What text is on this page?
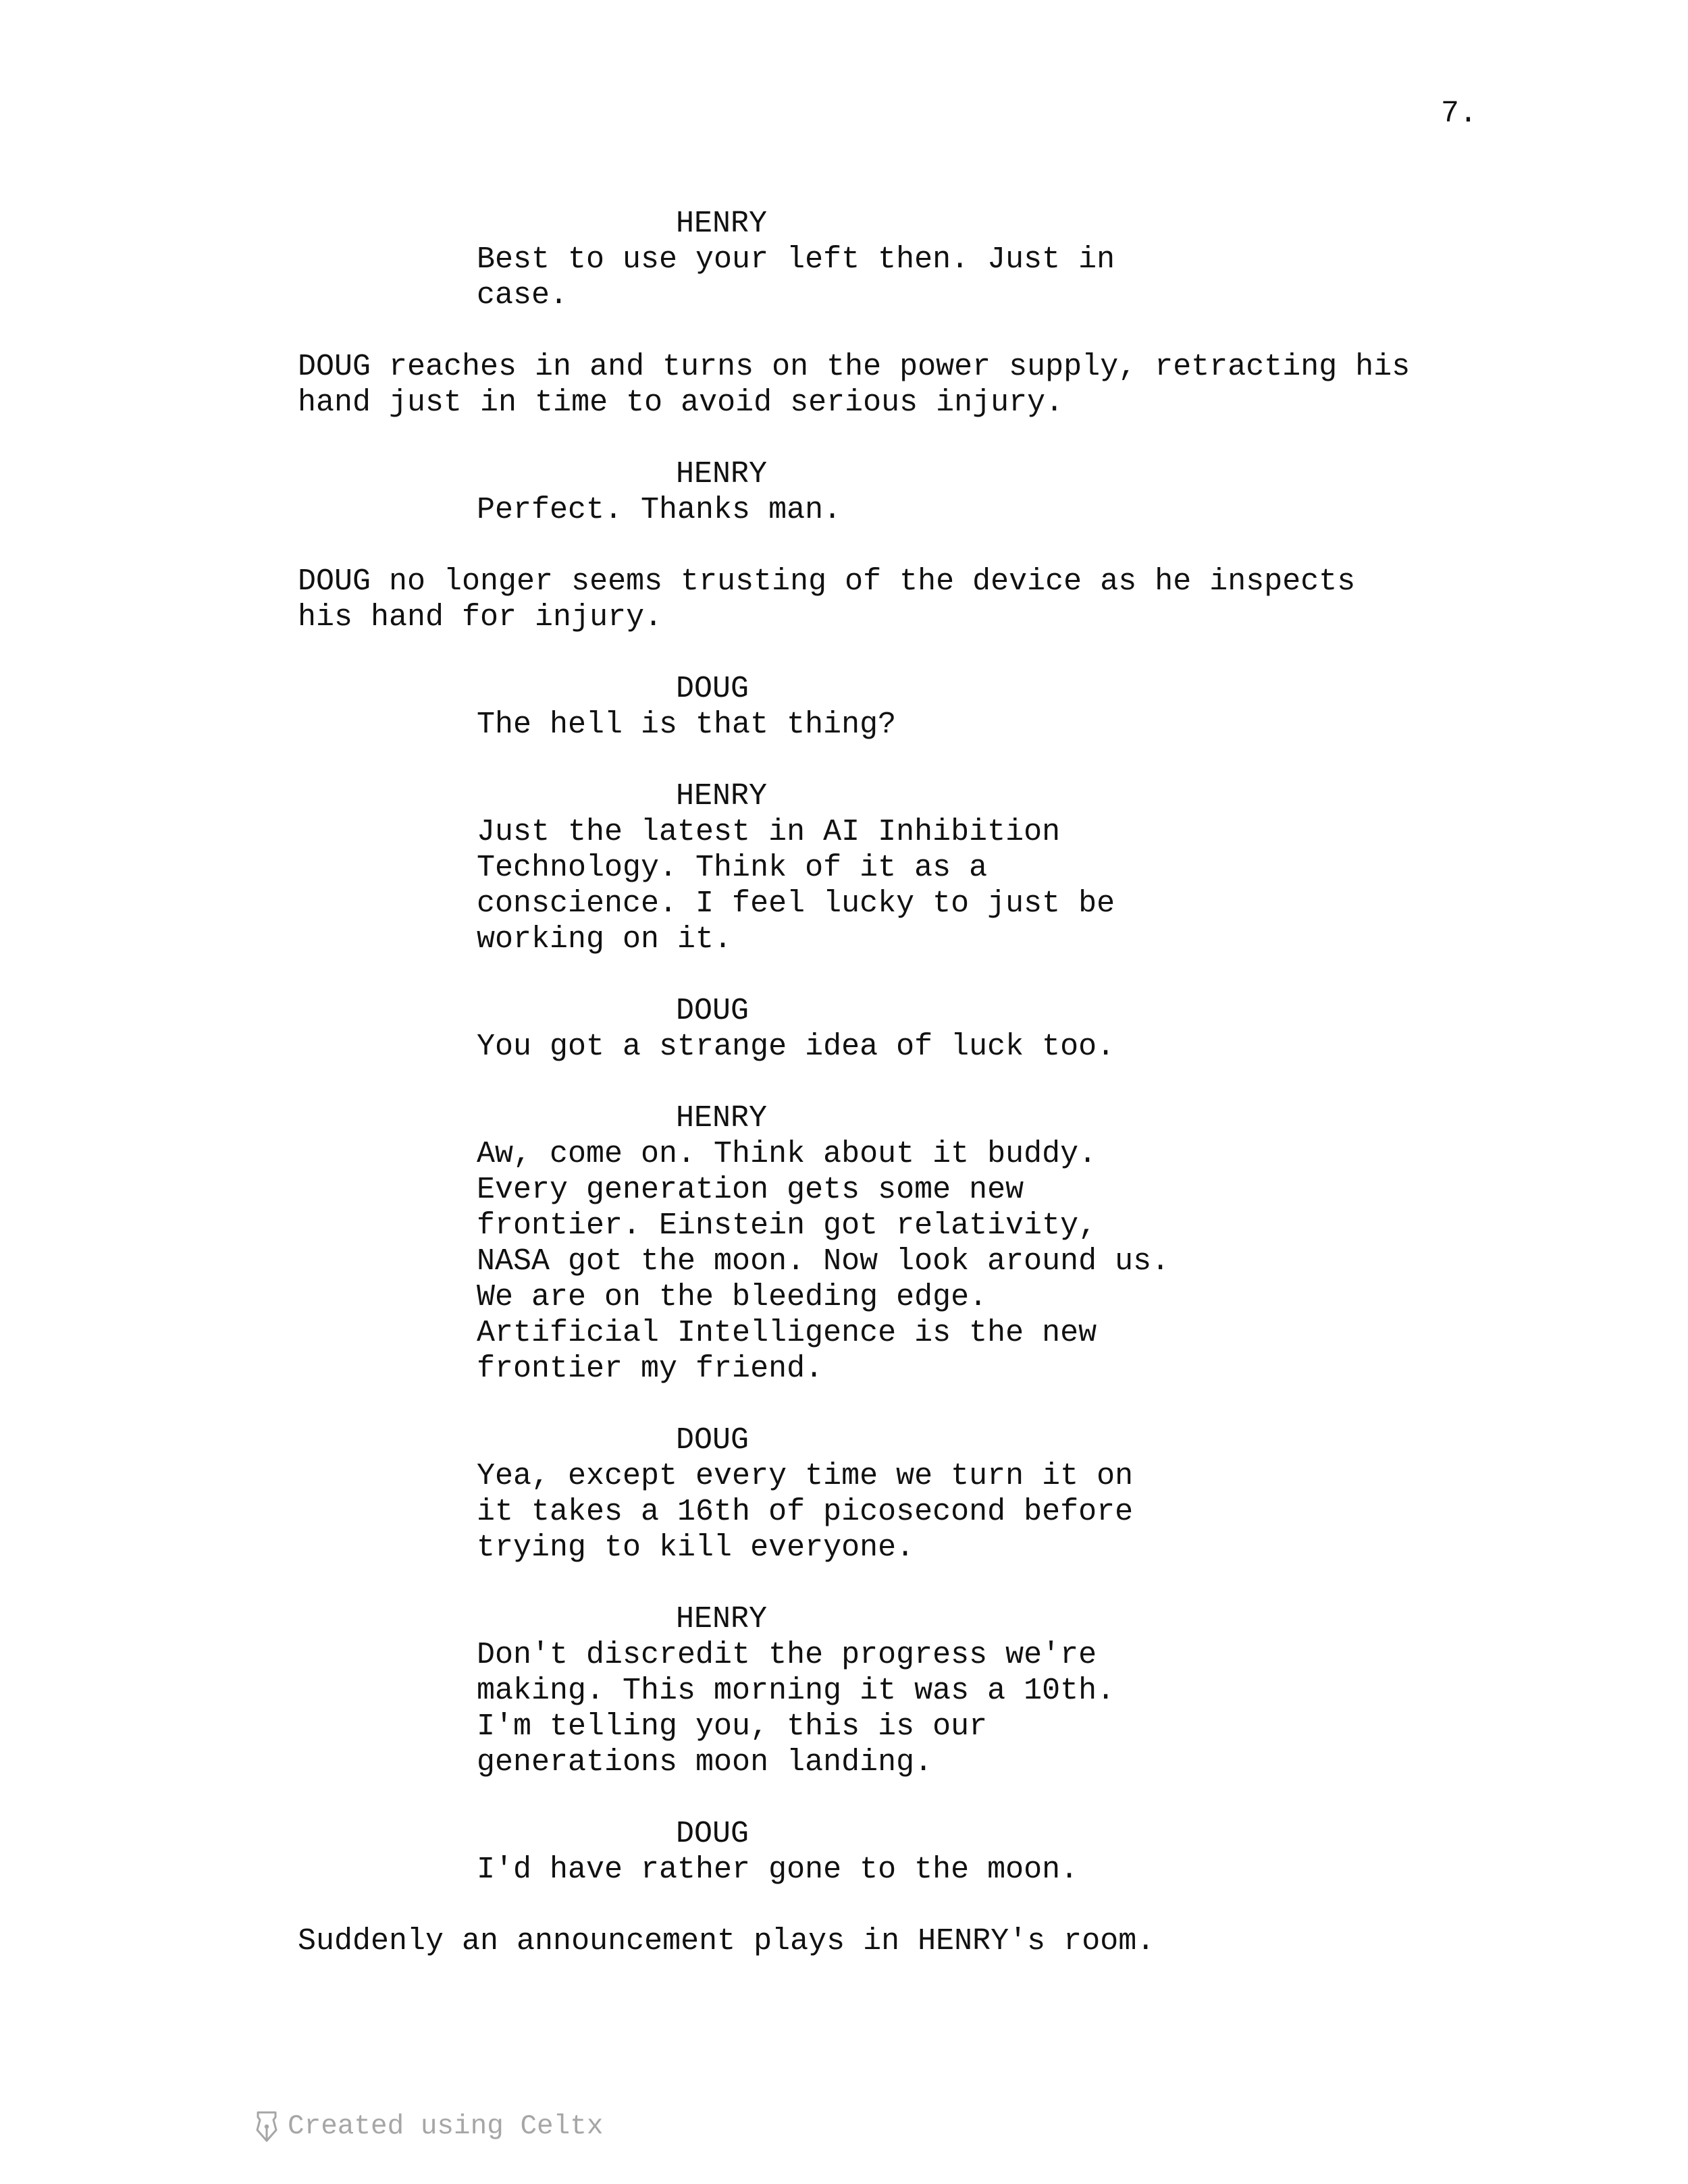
7.
HENRY
Best to use your left then. Just in
case.
DOUG reaches in and turns on the power supply, retracting his
hand just in time to avoid serious injury.
HENRY
Perfect. Thanks man.
DOUG no longer seems trusting of the device as he inspects
his hand for injury.
DOUG
The hell is that thing?
HENRY
Just the latest in AI Inhibition
Technology. Think of it as a
conscience. I feel lucky to just be
working on it.
DOUG
You got a strange idea of luck too.
HENRY
Aw, come on. Think about it buddy.
Every generation gets some new
frontier. Einstein got relativity,
NASA got the moon. Now look around us.
We are on the bleeding edge.
Artificial Intelligence is the new
frontier my friend.
DOUG
Yea, except every time we turn it on
it takes a 16th of picosecond before
trying to kill everyone.
HENRY
Don't discredit the progress we're
making. This morning it was a 10th.
I'm telling you, this is our
generations moon landing.
DOUG
I'd have rather gone to the moon.
Suddenly an announcement plays in HENRY's room.
Created using Celtx
